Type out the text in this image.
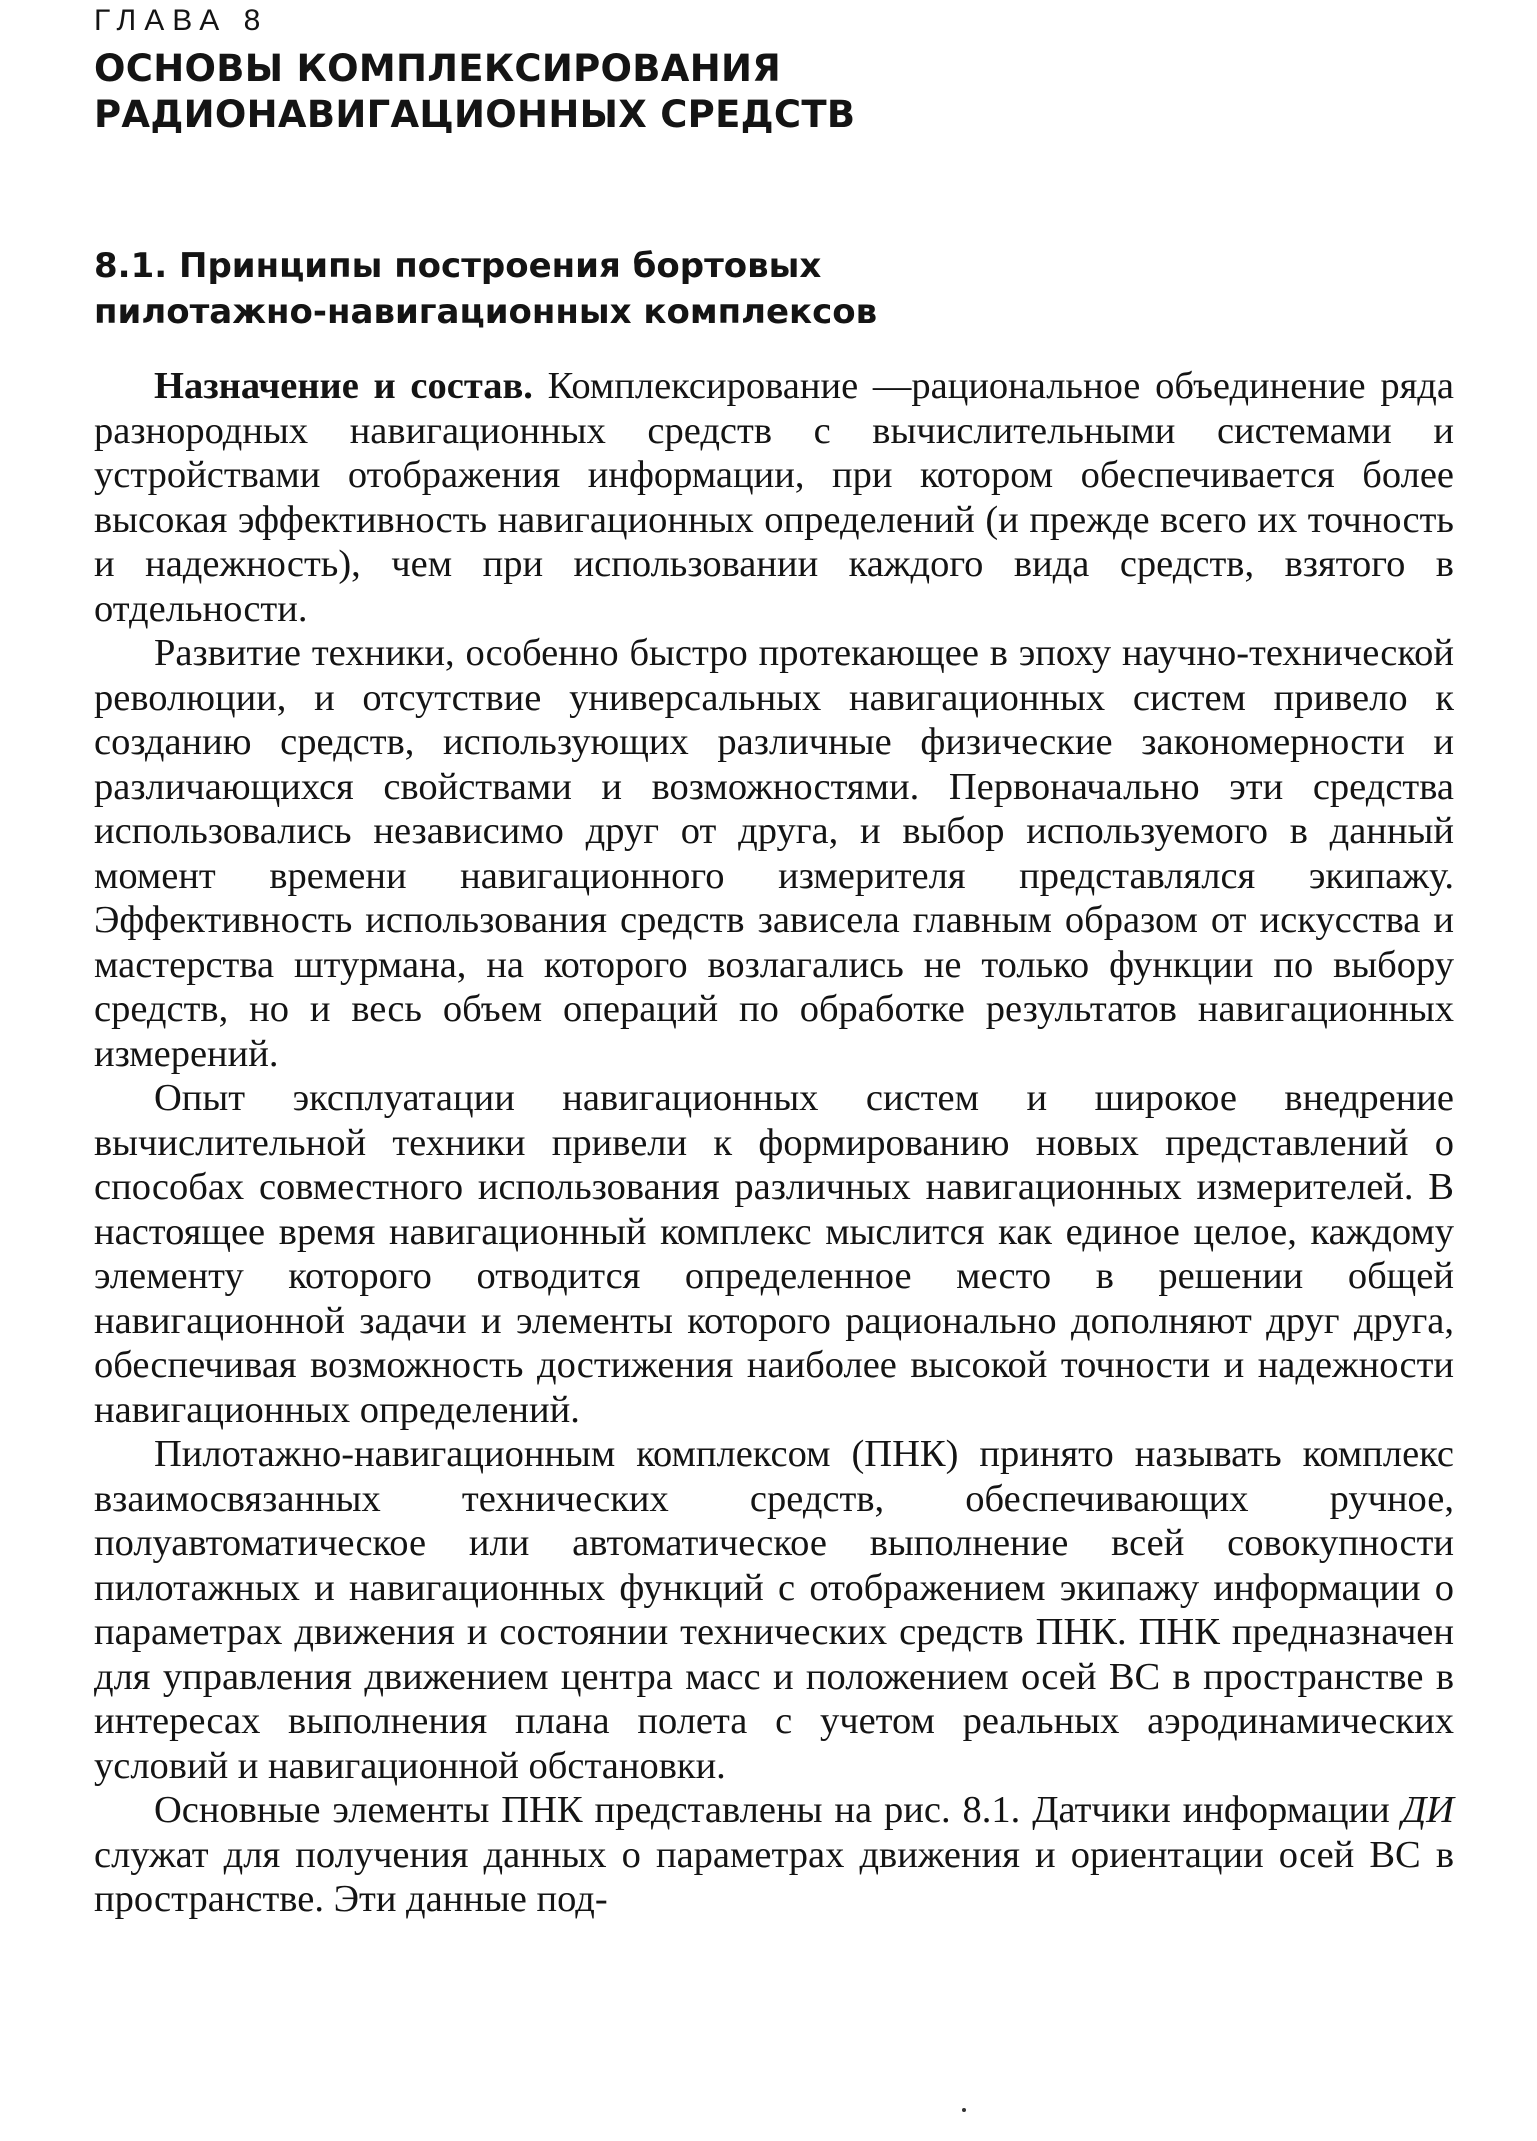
ГЛАВА 8
ОСНОВЫ КОМПЛЕКСИРОВАНИЯ
РАДИОНАВИГАЦИОННЫХ СРЕДСТВ
8.1. Принципы построения бортовых
пилотажно-навигационных комплексов

Назначение и состав. Комплексирование —рациональное объединение ряда разнородных навигационных средств с вычислительными системами и устройствами отображения информации, при котором обеспечивается более высокая эффективность навигационных определений (и прежде всего их точность и надежность), чем при использовании каждого вида средств, взятого в отдельности.

Развитие техники, особенно быстро протекающее в эпоху научно-технической революции, и отсутствие универсальных навигационных систем привело к созданию средств, использующих различные физические закономерности и различающихся свойствами и возможностями. Первоначально эти средства использовались независимо друг от друга, и выбор используемого в данный момент времени навигационного измерителя представлялся экипажу. Эффективность использования средств зависела главным образом от искусства и мастерства штурмана, на которого возлагались не только функции по выбору средств, но и весь объем операций по обработке результатов навигационных измерений.

Опыт эксплуатации навигационных систем и широкое внедрение вычислительной техники привели к формированию новых представлений о способах совместного использования различных навигационных измерителей. В настоящее время навигационный комплекс мыслится как единое целое, каждому элементу которого отводится определенное место в решении общей навигационной задачи и элементы которого рационально дополняют друг друга, обеспечивая возможность достижения наиболее высокой точности и надежности навигационных определений.

Пилотажно-навигационным комплексом (ПНК) принято называть комплекс взаимосвязанных технических средств, обеспечивающих ручное, полуавтоматическое или автоматическое выполнение всей совокупности пилотажных и навигационных функций с отображением экипажу информации о параметрах движения и состоянии технических средств ПНК. ПНК предназначен для управления движением центра масс и положением осей ВС в пространстве в интересах выполнения плана полета с учетом реальных аэродинамических условий и навигационной обстановки.

Основные элементы ПНК представлены на рис. 8.1. Датчики информации ДИ служат для получения данных о параметрах движения и ориентации осей ВС в пространстве. Эти данные под-
